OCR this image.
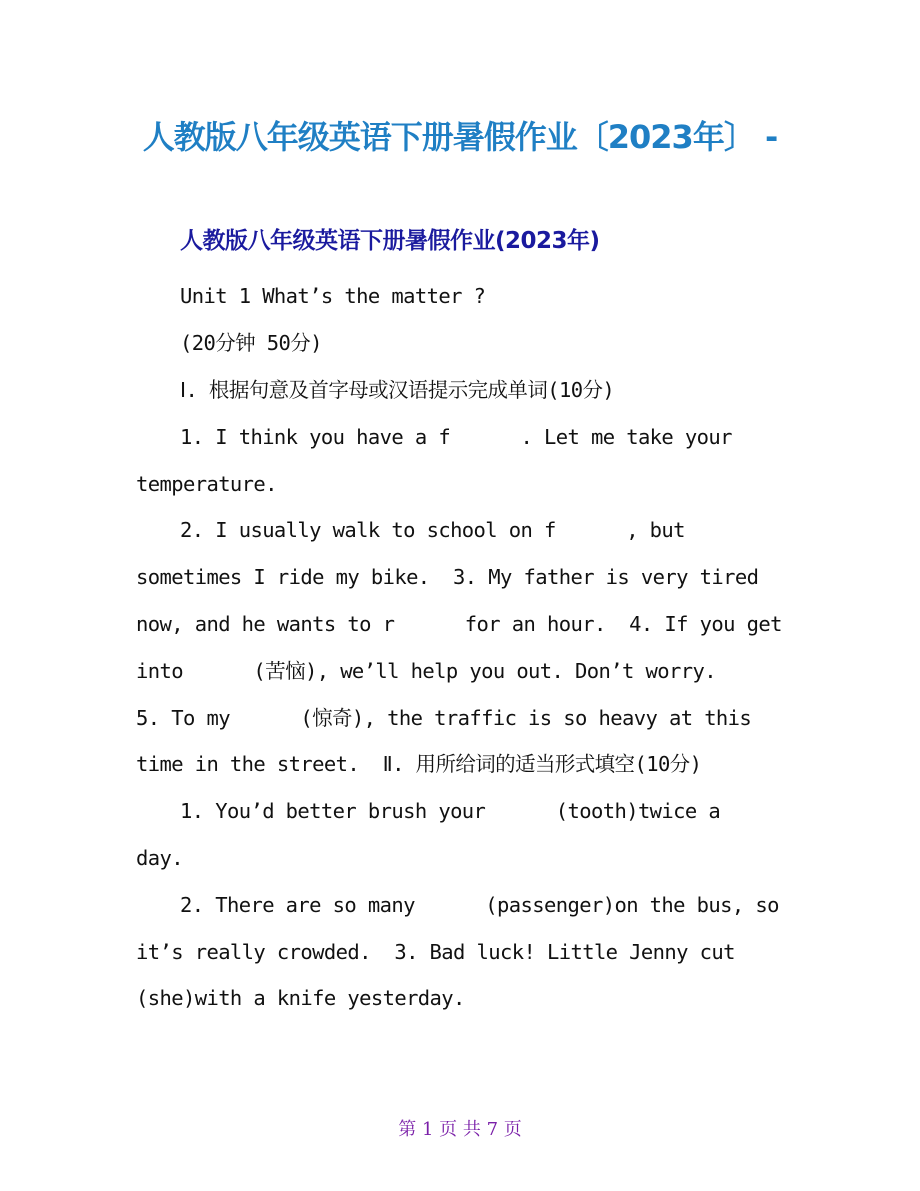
人教版八年级英语下册暑假作业〔2023年〕 -
人教版八年级英语下册暑假作业(2023年)
Unit 1 What’s the matter ?
(20分钟 50分)
Ⅰ. 根据句意及首字母或汉语提示完成单词(10分)
1. I think you have a f      . Let me take your
temperature.
2. I usually walk to school on f      , but
sometimes I ride my bike.  3. My father is very tired
now, and he wants to r      for an hour.  4. If you get
into      (苦恼), we’ll help you out. Don’t worry.
5. To my      (惊奇), the traffic is so heavy at this
time in the street.  Ⅱ. 用所给词的适当形式填空(10分)
1. You’d better brush your      (tooth)twice a
day.
2. There are so many      (passenger)on the bus, so
it’s really crowded.  3. Bad luck! Little Jenny cut
(she)with a knife yesterday.
第 1 页 共 7 页
